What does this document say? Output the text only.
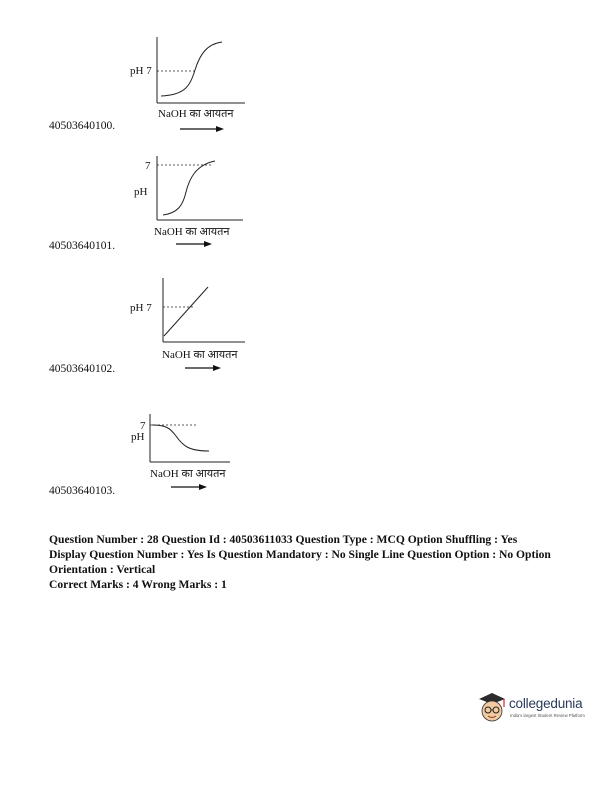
pH 7
NaOH का आयतन
40503640100.
7
pH
NaOH का आयतन
40503640101.
pH 7
NaOH का आयतन
40503640102.
7
pH
NaOH का आयतन
40503640103.
Question Number : 28 Question Id : 40503611033 Question Type : MCQ Option Shuffling : Yes
Display Question Number : Yes Is Question Mandatory : No Single Line Question Option : No Option
Orientation : Vertical
Correct Marks : 4 Wrong Marks : 1
collegedunia
India's largest Student Review Platform
